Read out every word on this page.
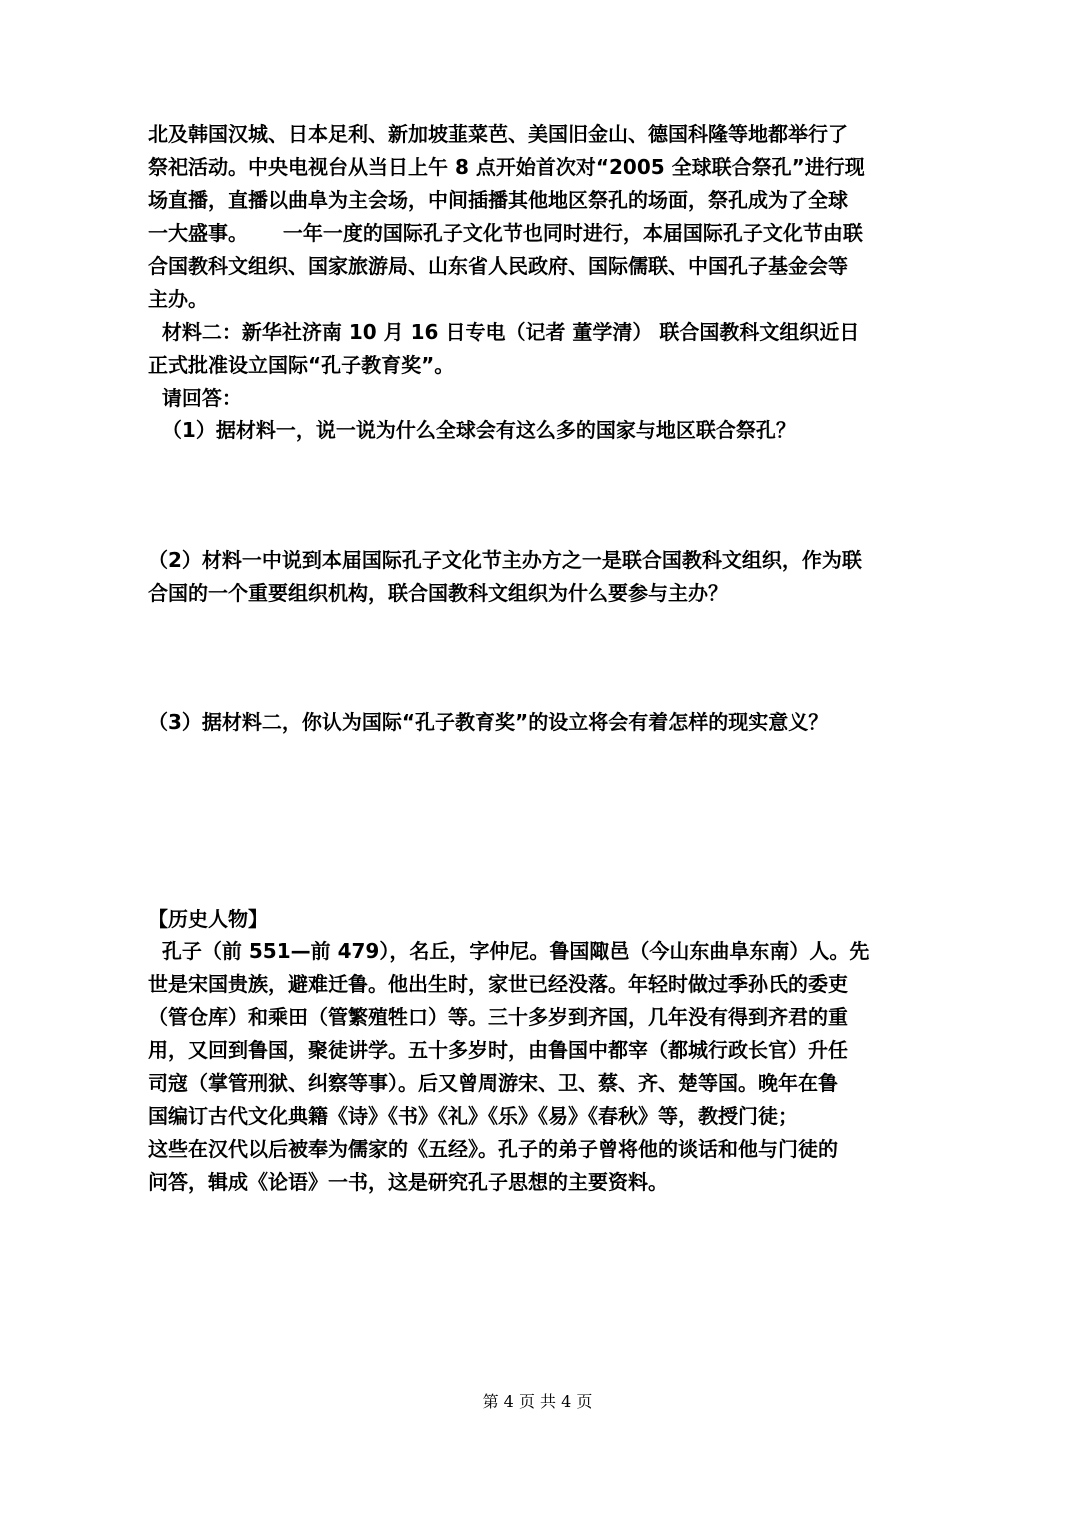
北及韩国汉城、日本足利、新加坡韮菜芭、美国旧金山、德国科隆等地都举行了
祭祀活动。中央电视台从当日上午 8 点开始首次对“2005 全球联合祭孔”进行现
场直播，直播以曲阜为主会场，中间插播其他地区祭孔的场面，祭孔成为了全球
一大盛事。     一年一度的国际孔子文化节也同时进行，本届国际孔子文化节由联
合国教科文组织、国家旅游局、山东省人民政府、国际儒联、中国孔子基金会等
主办。
材料二：新华社济南 10 月 16 日专电（记者 董学清） 联合国教科文组织近日
正式批准设立国际“孔子教育奖”。
请回答：
（1）据材料一，说一说为什么全球会有这么多的国家与地区联合祭孔？
（2）材料一中说到本届国际孔子文化节主办方之一是联合国教科文组织，作为联
合国的一个重要组织机构，联合国教科文组织为什么要参与主办？
（3）据材料二，你认为国际“孔子教育奖”的设立将会有着怎样的现实意义？
【历史人物】
孔子（前 551—前 479），名丘，字仲尼。鲁国陬邑（今山东曲阜东南）人。先
世是宋国贵族，避难迁鲁。他出生时，家世已经没落。年轻时做过季孙氏的委吏
（管仓库）和乘田（管繁殖牲口）等。三十多岁到齐国，几年没有得到齐君的重
用，又回到鲁国，聚徒讲学。五十多岁时，由鲁国中都宰（都城行政长官）升任
司寇（掌管刑狱、纠察等事）。后又曾周游宋、卫、蔡、齐、楚等国。晚年在鲁
国编订古代文化典籍《诗》《书》《礼》《乐》《易》《春秋》等，教授门徒；
这些在汉代以后被奉为儒家的《五经》。孔子的弟子曾将他的谈话和他与门徒的
问答，辑成《论语》一书，这是研究孔子思想的主要资料。
第 4 页 共 4 页
